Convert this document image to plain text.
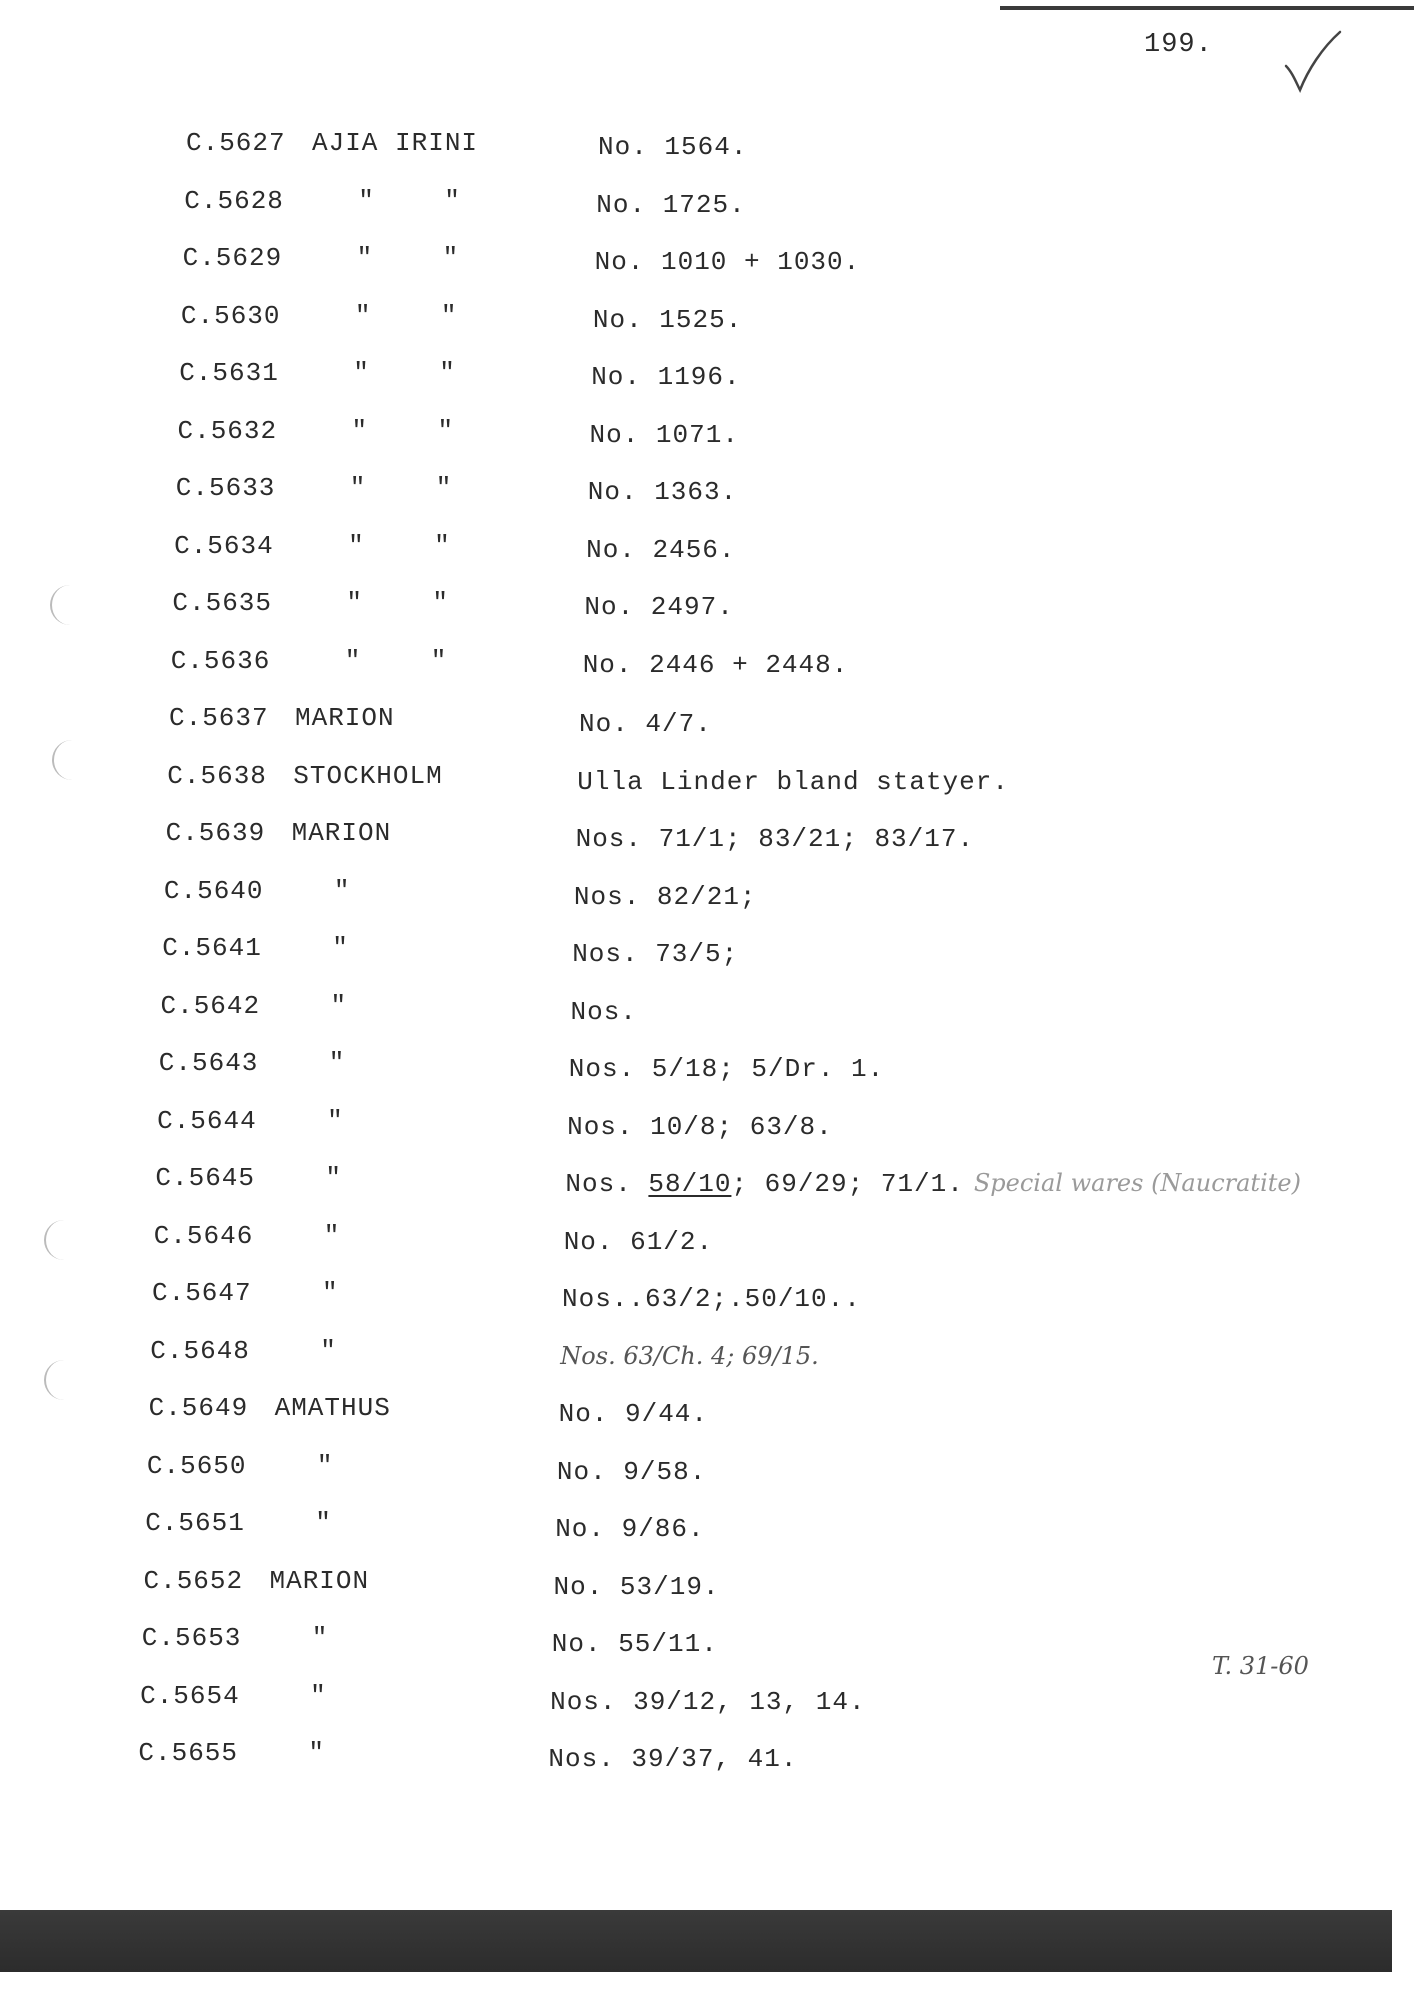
199.
C.5627 AJIA IRINI	No. 1564.
C.5628	"	"	No. 1725.
C.5629	"	"	No. 1010 + 1030.
C.5630	"	"	No. 1525.
C.5631	"	"	No. 1196.
C.5632	"	"	No. 1071.
C.5633	"	"	No. 1363.
C.5634	"	"	No. 2456.
C.5635	"	"	No. 2497.
C.5636	"	"	No. 2446 + 2448.
C.5637 MARION	No. 4/7.
C.5638 STOCKHOLM	Ulla Linder bland statyer.
C.5639 MARION	Nos. 71/1; 83/21; 83/17.
C.5640	"	Nos. 82/21;
C.5641	"	Nos. 73/5;
C.5642	"	Nos.
C.5643	"	Nos. 5/18; 5/Dr. 1.
C.5644	"	Nos. 10/8; 63/8.
C.5645	"	Nos. 58/10; 69/29; 71/1. Special wares (Naucratite)
C.5646	"	No. 61/2.
C.5647	"	Nos..63/2;.50/10..
C.5648	"	Nos. 63/Ch. 4; 69/15.
C.5649 AMATHUS	No. 9/44.
C.5650	"	No. 9/58.
C.5651	"	No. 9/86.
C.5652 MARION	No. 53/19.
C.5653	"	No. 55/11.
C.5654	"	Nos. 39/12, 13, 14.
C.5655	"	Nos. 39/37, 41.
T. 31-60
